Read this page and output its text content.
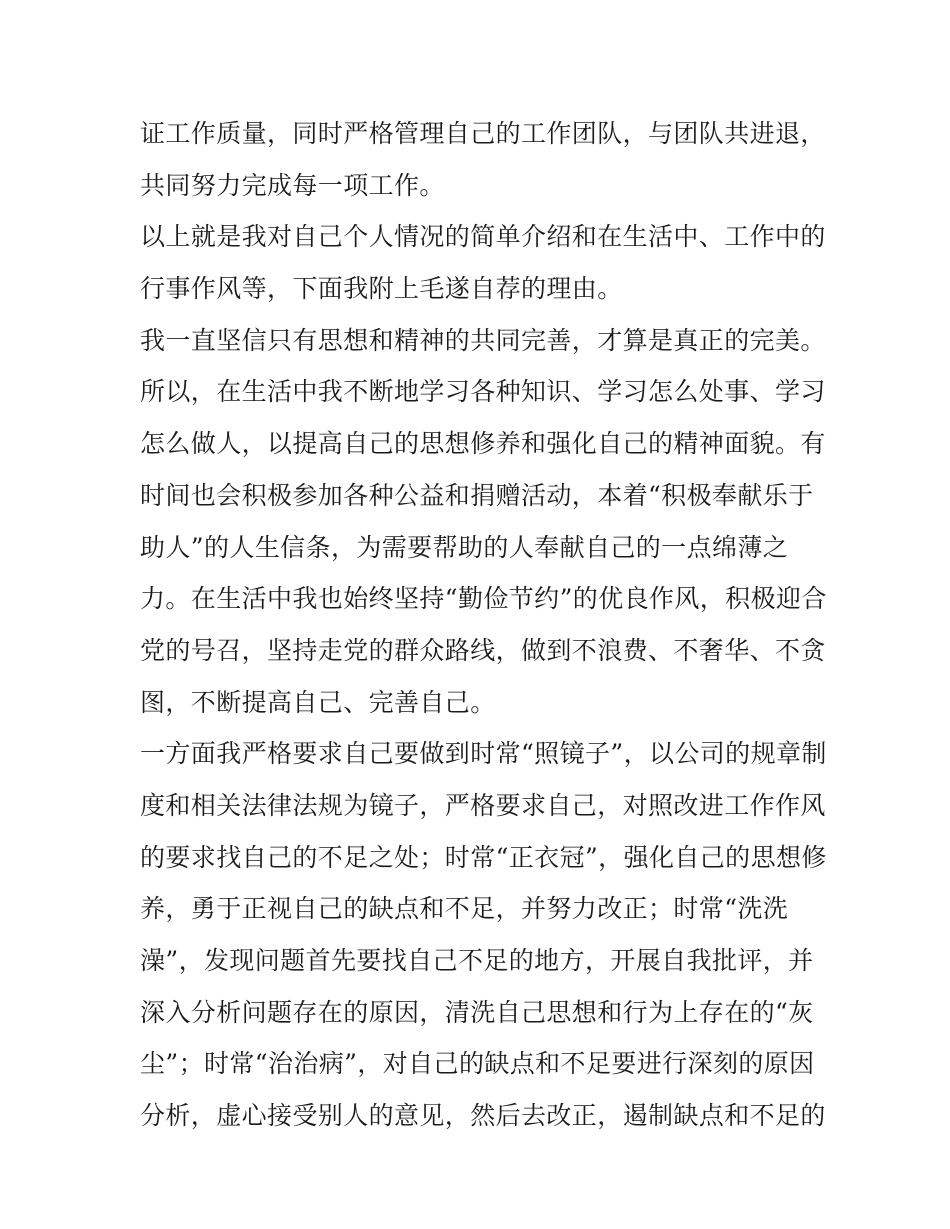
证工作质量，同时严格管理自己的工作团队，与团队共进退，
共同努力完成每一项工作。
以上就是我对自己个人情况的简单介绍和在生活中、工作中的
行事作风等，下面我附上毛遂自荐的理由。
我一直坚信只有思想和精神的共同完善，才算是真正的完美。
所以，在生活中我不断地学习各种知识、学习怎么处事、学习
怎么做人，以提高自己的思想修养和强化自己的精神面貌。有
时间也会积极参加各种公益和捐赠活动，本着“积极奉献乐于
助人”的人生信条，为需要帮助的人奉献自己的一点绵薄之
力。在生活中我也始终坚持“勤俭节约”的优良作风，积极迎合
党的号召，坚持走党的群众路线，做到不浪费、不奢华、不贪
图，不断提高自己、完善自己。
一方面我严格要求自己要做到时常“照镜子”，以公司的规章制
度和相关法律法规为镜子，严格要求自己，对照改进工作作风
的要求找自己的不足之处；时常“正衣冠”，强化自己的思想修
养，勇于正视自己的缺点和不足，并努力改正；时常“洗洗
澡”，发现问题首先要找自己不足的地方，开展自我批评，并
深入分析问题存在的原因，清洗自己思想和行为上存在的“灰
尘”；时常“治治病”，对自己的缺点和不足要进行深刻的原因
分析，虚心接受别人的意见，然后去改正，遏制缺点和不足的
